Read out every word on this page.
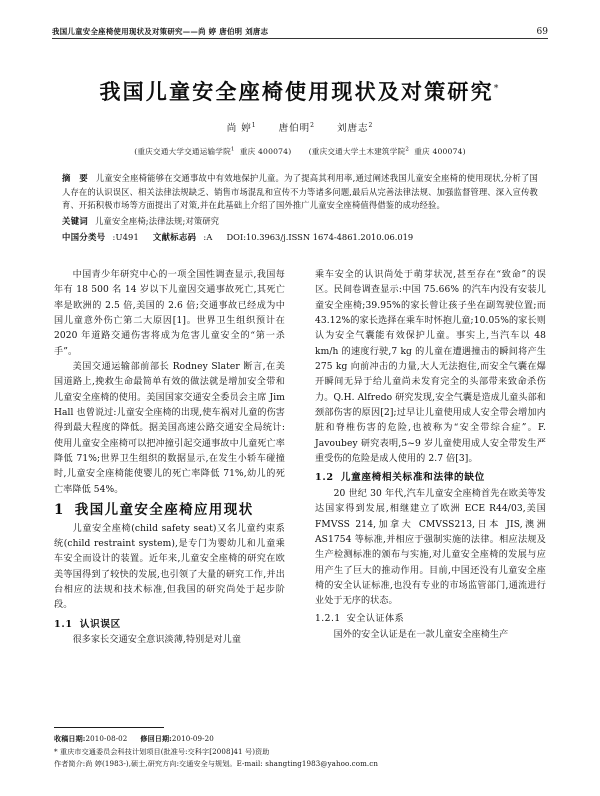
我国儿童安全座椅使用现状及对策研究——尚 婷 唐伯明 刘唐志	69
我国儿童安全座椅使用现状及对策研究*
尚 婷$^1$ 唐伯明$^2$ 刘唐志$^2$
(重庆交通大学交通运输学院$^1$ 重庆 400074) (重庆交通大学土木建筑学院$^2$ 重庆 400074)
摘 要 儿童安全座椅能够在交通事故中有效地保护儿童。为了提高其利用率,通过阐述我国儿童安全座椅的使用现状,分析了国人存在的认识误区、相关法律法规缺乏、销售市场混乱和宣传不力等诸多问题,最后从完善法律法规、加强监督管理、深入宣传教育、开拓积极市场等方面提出了对策,并在此基础上介绍了国外推广儿童安全座椅值得借鉴的成功经验。
关键词 儿童安全座椅;法律法规;对策研究
中国分类号 :U491 文献标志码 :A DOI:10.3963/j.ISSN 1674-4861.2010.06.019

中国青少年研究中心的一项全国性调查显示,我国每年有 18 500 名 14 岁以下儿童因交通事故死亡,其死亡率是欧洲的 2.5 倍,美国的 2.6 倍;交通事故已经成为中国儿童意外伤亡第二大原因[1]。世界卫生组织预计在 2020 年道路交通伤害将成为危害儿童安全的“第一杀手”。

美国交通运输部前部长 Rodney Slater 断言,在美国道路上,挽救生命最简单有效的做法就是增加安全带和儿童安全座椅的使用。美国国家交通安全委员会主席 Jim Hall 也曾说过:儿童安全座椅的出现,使车祸对儿童的伤害得到最大程度的降低。据美国高速公路交通安全局统计:使用儿童安全座椅可以把冲撞引起交通事故中儿童死亡率降低 71%;世界卫生组织的数据显示,在发生小轿车碰撞时,儿童安全座椅能使婴儿的死亡率降低 71%,幼儿的死亡率降低 54%。

1 我国儿童安全座椅应用现状

儿童安全座椅(child safety seat)又名儿童约束系统(child restraint system),是专门为婴幼儿和儿童乘车安全而设计的装置。近年来,儿童安全座椅的研究在欧美等国得到了较快的发展,也引领了大量的研究工作,并出台相应的法规和技术标准,但我国的研究尚处于起步阶段。

1.1 认识误区

很多家长交通安全意识淡薄,特别是对儿童

乘车安全的认识尚处于萌芽状况,甚至存在“致命”的误区。民间卷调查显示:中国 75.66% 的汽车内没有安装儿童安全座椅;39.95%的家长曾让孩子坐在副驾驶位置;而 43.12%的家长选择在乘车时怀抱儿童;10.05%的家长则认为安全气囊能有效保护儿童。事实上,当汽车以 48 km/h 的速度行驶,7 kg 的儿童在遭遇撞击的瞬间将产生 275 kg 向前冲击的力量,大人无法抱住,而安全气囊在爆开瞬间无异于给儿童尚未发育完全的头部带来致命杀伤力。Q.H. Alfredo 研究发现,安全气囊是造成儿童头部和颈部伤害的原因[2];过早让儿童使用成人安全带会增加内脏和脊椎伤害的危险,也被称为“安全带综合症”。F. Javoubey 研究表明,5~9 岁儿童使用成人安全带发生严重受伤的危险是成人使用的 2.7 倍[3]。

1.2 儿童座椅相关标准和法律的缺位

20 世纪 30 年代,汽车儿童安全座椅首先在欧美等发达国家得到发展,相继建立了欧洲 ECE R44/03,美国 FMVSS 214,加拿大 CMVSS213,日本 JIS,澳洲 AS1754 等标准,并相应于强制实施的法律。相应法规及生产检测标准的颁布与实施,对儿童安全座椅的发展与应用产生了巨大的推动作用。目前,中国还没有儿童安全座椅的安全认证标准,也没有专业的市场监管部门,通流进行业处于无序的状态。

1.2.1 安全认证体系

国外的安全认证是在一款儿童安全座椅生产

收稿日期:2010-08-02 修回日期:2010-09-20
* 重庆市交通委员会科技计划项目(批准号:交科字[2008]41 号)资助
作者简介:尚 婷(1983-),硕士,研究方向:交通安全与规划。E-mail: shangting1983@yahoo.com.cn
